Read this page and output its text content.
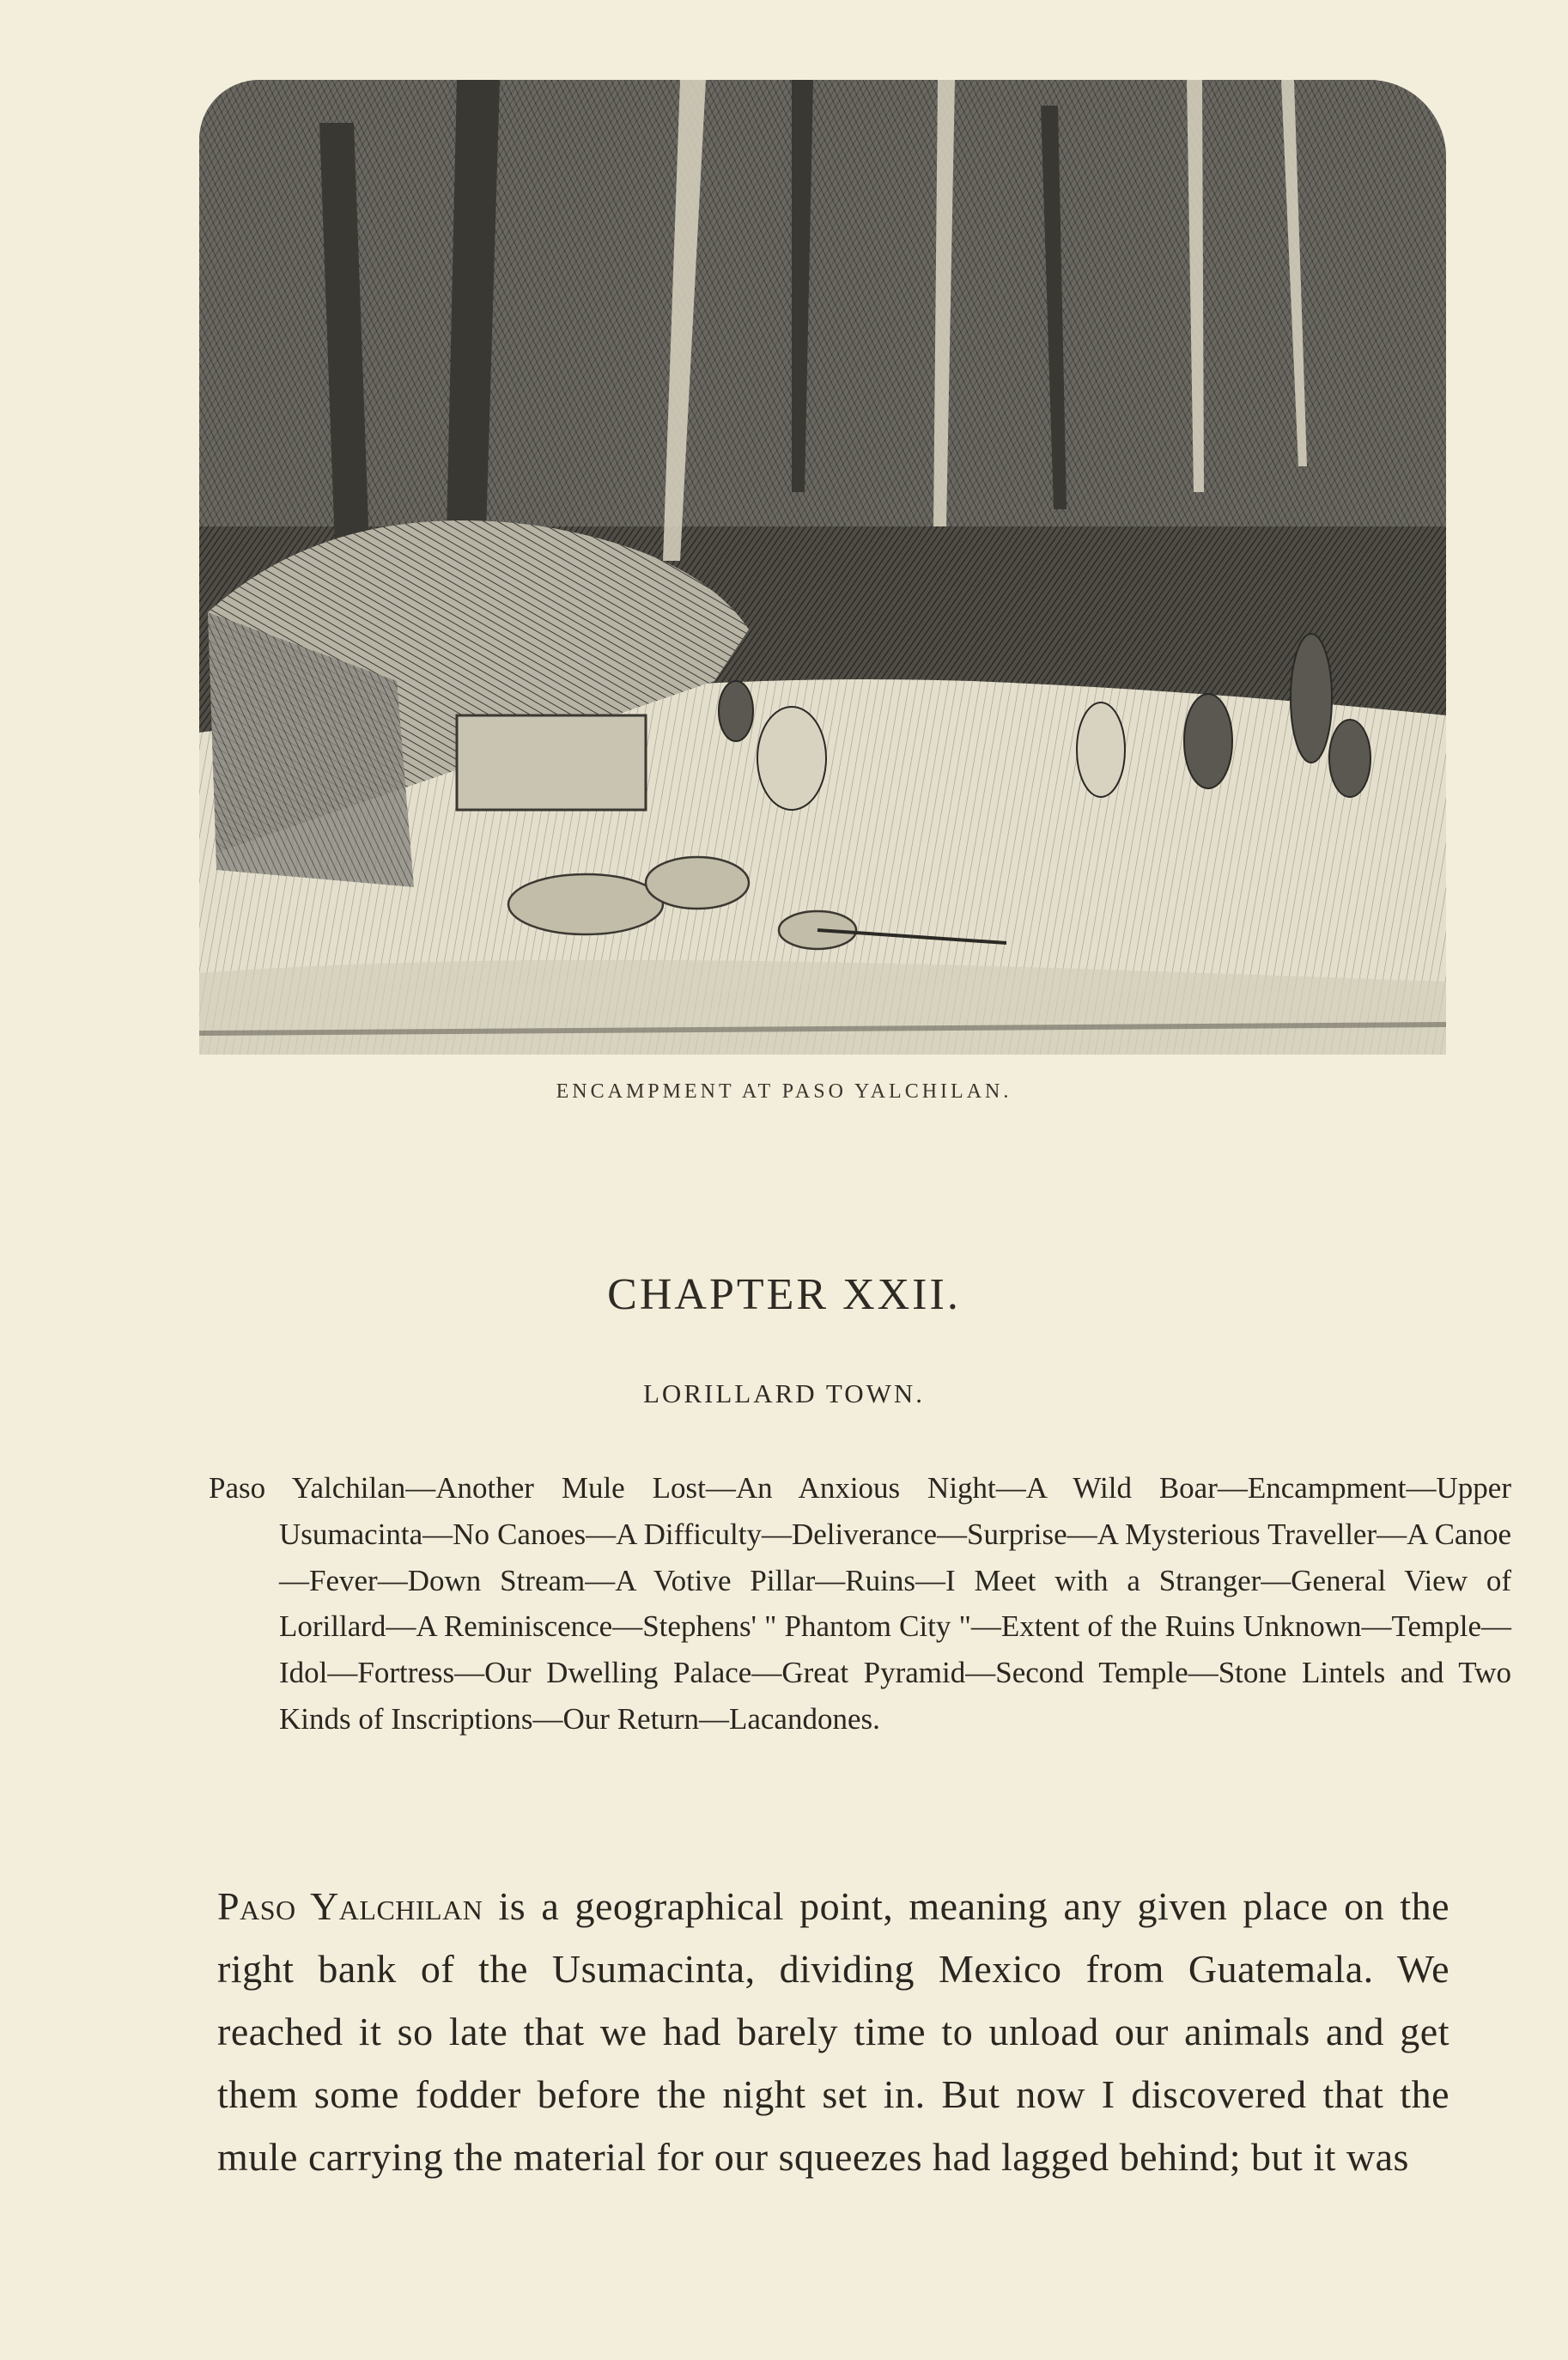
ENCAMPMENT AT PASO YALCHILAN.
CHAPTER XXII.
LORILLARD TOWN.

Paso Yalchilan—Another Mule Lost—An Anxious Night—A Wild Boar—Encampment—Upper Usumacinta—No Canoes—A Difficulty—Deliverance—Surprise—A Mysterious Traveller—A Canoe—Fever—Down Stream—A Votive Pillar—Ruins—I Meet with a Stranger—General View of Lorillard—A Reminiscence—Stephens' " Phantom City "—Extent of the Ruins Unknown—Temple—Idol—Fortress—Our Dwelling Palace—Great Pyramid—Second Temple—Stone Lintels and Two Kinds of Inscriptions—Our Return—Lacandones.

Paso Yalchilan is a geographical point, meaning any given place on the right bank of the Usumacinta, dividing Mexico from Guatemala. We reached it so late that we had barely time to unload our animals and get them some fodder before the night set in. But now I discovered that the mule carrying the material for our squeezes had lagged behind; but it was
